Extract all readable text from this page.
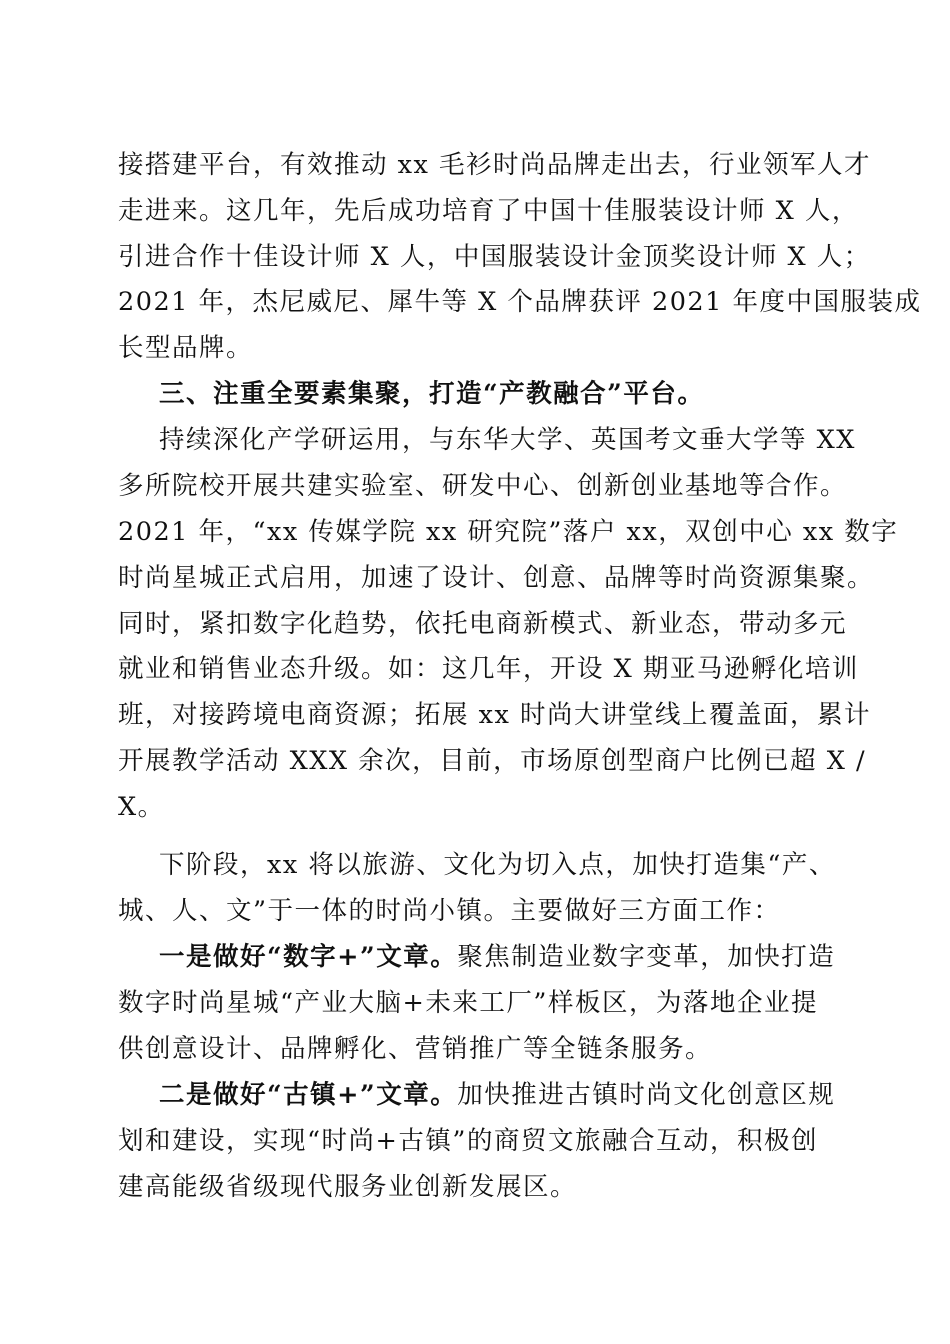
接搭建平台，有效推动 xx 毛衫时尚品牌走出去，行业领军人才
走进来。这几年，先后成功培育了中国十佳服装设计师 X 人，
引进合作十佳设计师 X 人，中国服装设计金顶奖设计师 X 人；
2021 年，杰尼威尼、犀牛等 X 个品牌获评 2021 年度中国服装成
长型品牌。
三、注重全要素集聚，打造“产教融合”平台。
持续深化产学研运用，与东华大学、英国考文垂大学等 XX
多所院校开展共建实验室、研发中心、创新创业基地等合作。
2021 年，“xx 传媒学院 xx 研究院”落户 xx，双创中心 xx 数字
时尚星城正式启用，加速了设计、创意、品牌等时尚资源集聚。
同时，紧扣数字化趋势，依托电商新模式、新业态，带动多元
就业和销售业态升级。如：这几年，开设 X 期亚马逊孵化培训
班，对接跨境电商资源；拓展 xx 时尚大讲堂线上覆盖面，累计
开展教学活动 XXX 余次，目前，市场原创型商户比例已超 X /
X。
下阶段，xx 将以旅游、文化为切入点，加快打造集“产、
城、人、文”于一体的时尚小镇。主要做好三方面工作：
一是做好“数字+”文章。聚焦制造业数字变革，加快打造
数字时尚星城“产业大脑+未来工厂”样板区，为落地企业提
供创意设计、品牌孵化、营销推广等全链条服务。
二是做好“古镇+”文章。加快推进古镇时尚文化创意区规
划和建设，实现“时尚+古镇”的商贸文旅融合互动，积极创
建高能级省级现代服务业创新发展区。
